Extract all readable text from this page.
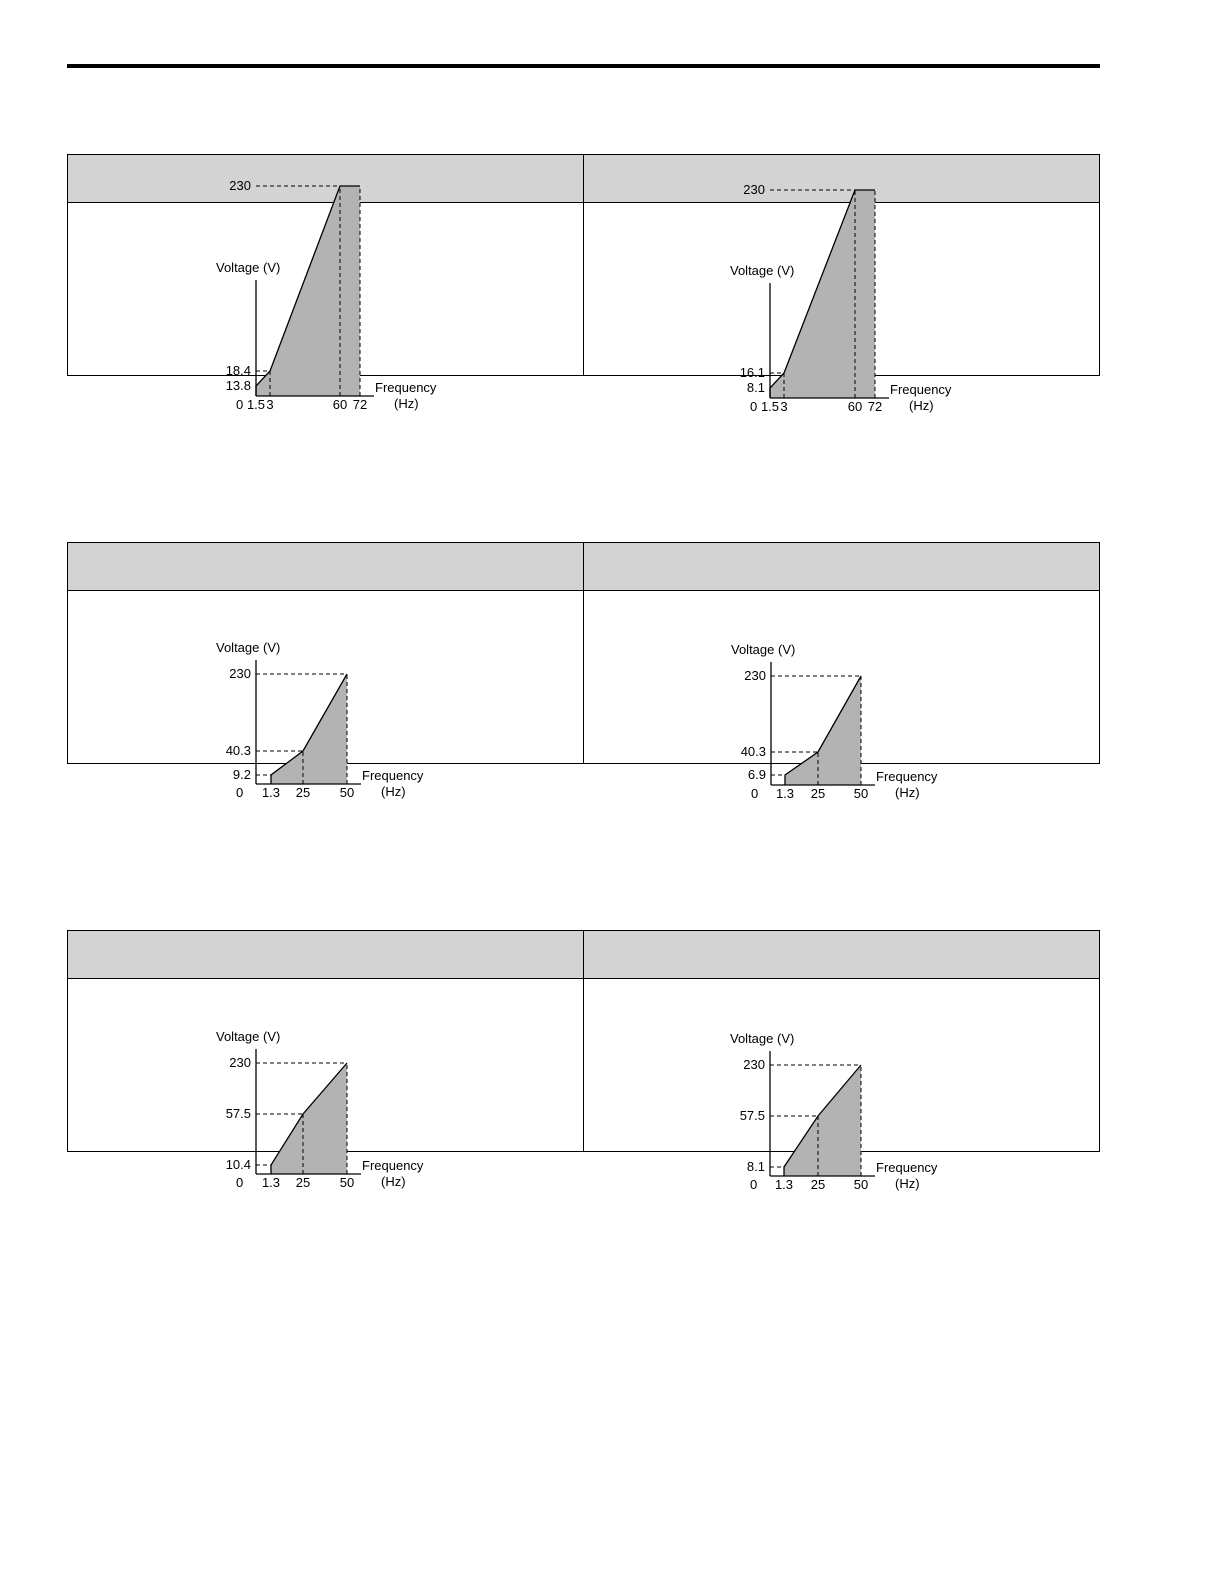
Voltage (V)
Frequency
(Hz)
0
13.8
18.4
230
1.5 3	60 72
Voltage (V)
Frequency
(Hz)
0
8.1
16.1
230
1.5 3	60 72
Voltage (V)
Frequency
(Hz)
0
9.2
40.3
230
1.3 25 50
Voltage (V)
Frequency
(Hz)
0
6.9
40.3
230
1.3 25 50
Voltage (V)
Frequency
(Hz)
0
10.4
57.5
230
1.3 25 50
Voltage (V)
Frequency
(Hz)
0
8.1
57.5
230
1.3 25 50
